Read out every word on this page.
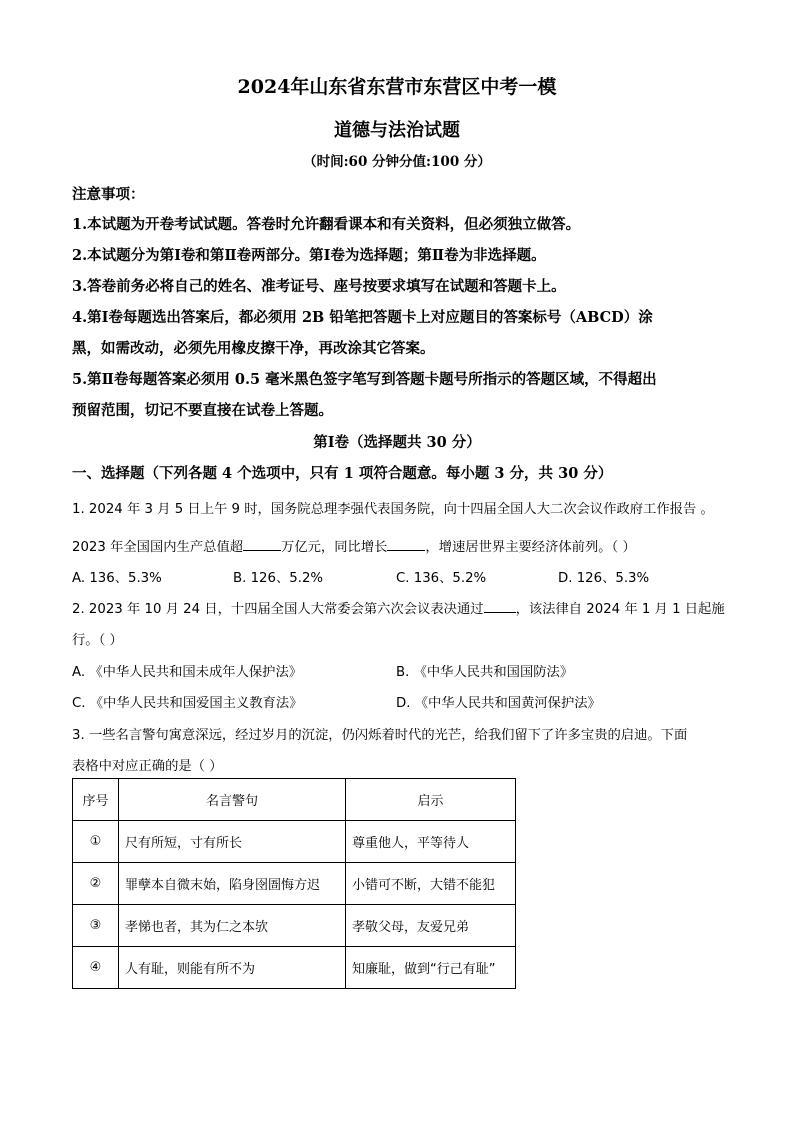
2024年山东省东营市东营区中考一模
道德与法治试题
（时间:60 分钟分值:100 分）
注意事项：
1.本试题为开卷考试试题。答卷时允许翻看课本和有关资料，但必须独立做答。
2.本试题分为第Ⅰ卷和第Ⅱ卷两部分。第Ⅰ卷为选择题；第Ⅱ卷为非选择题。
3.答卷前务必将自己的姓名、准考证号、座号按要求填写在试题和答题卡上。
4.第Ⅰ卷每题选出答案后，都必须用 2B 铅笔把答题卡上对应题目的答案标号（ABCD）涂
黑，如需改动，必须先用橡皮擦干净，再改涂其它答案。
5.第Ⅱ卷每题答案必须用 0.5 毫米黑色签字笔写到答题卡题号所指示的答题区域，不得超出
预留范围，切记不要直接在试卷上答题。
第Ⅰ卷（选择题共 30 分）
一、选择题（下列各题 4 个选项中，只有 1 项符合题意。每小题 3 分，共 30 分）
1. 2024 年 3 月 5 日上午 9 时，国务院总理李强代表国务院，向十四届全国人大二次会议作政府工作报告 。
2023 年全国国内生产总值超	万亿元，同比增长	，增速居世界主要经济体前列。（ ）
A. 136、5.3%	B. 126、5.2%	C. 136、5.2%	D. 126、5.3%
2. 2023 年 10 月 24 日，十四届全国人大常委会第六次会议表决通过 ，该法律自 2024 年 1 月 1 日起施
行。（ ）
A. 《中华人民共和国未成年人保护法》	B. 《中华人民共和国国防法》
C. 《中华人民共和国爱国主义教育法》	D. 《中华人民共和国黄河保护法》
3. 一些名言警句寓意深远，经过岁月的沉淀，仍闪烁着时代的光芒，给我们留下了许多宝贵的启迪。下面
表格中对应正确的是（ ）
序号	名言警句	启示
①	尺有所短，寸有所长	尊重他人，平等待人
②	罪孽本自微末始，陷身囹圄悔方迟	小错可不断，大错不能犯
③	孝悌也者，其为仁之本欤	孝敬父母，友爱兄弟
④	人有耻，则能有所不为	知廉耻，做到“行己有耻”
